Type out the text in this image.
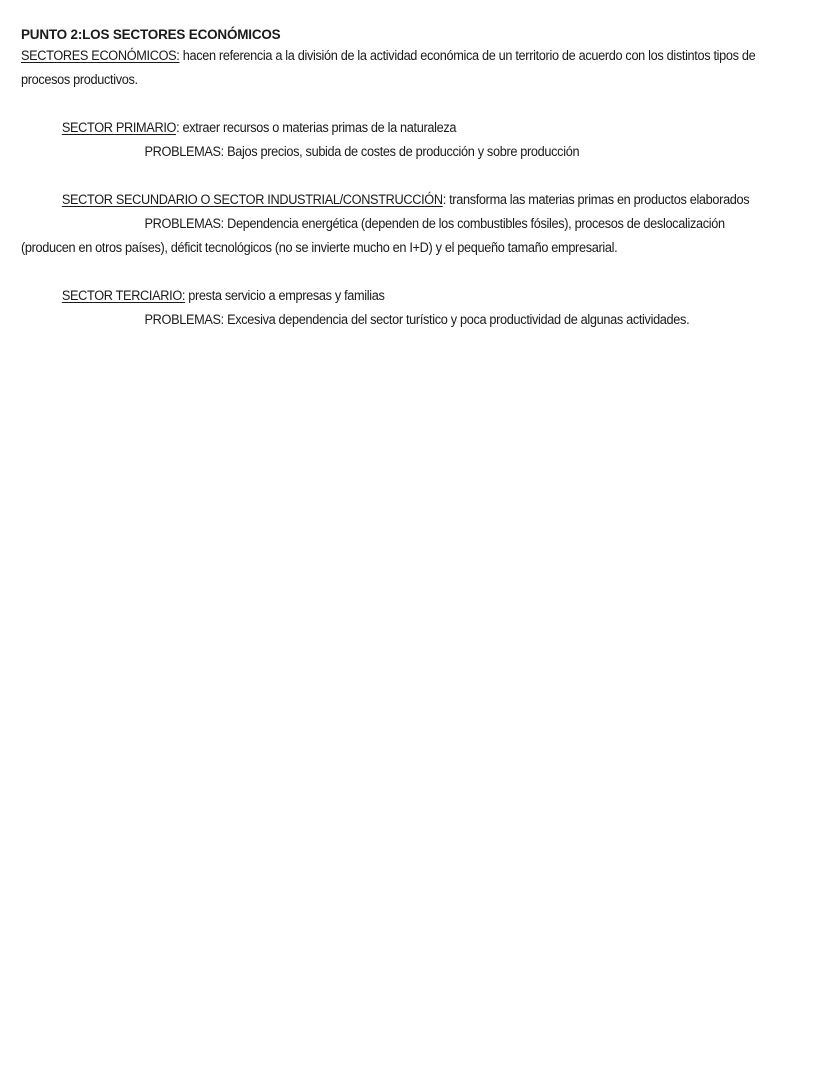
PUNTO 2:LOS SECTORES ECONÓMICOS

SECTORES ECONÓMICOS: hacen referencia a la división de la actividad económica de un territorio de acuerdo con los distintos tipos de procesos productivos.

SECTOR PRIMARIO: extraer recursos o materias primas de la naturaleza

PROBLEMAS: Bajos precios, subida de costes de producción y sobre producción

SECTOR SECUNDARIO O SECTOR INDUSTRIAL/CONSTRUCCIÓN: transforma las materias primas en productos elaborados

PROBLEMAS: Dependencia energética (dependen de los combustibles fósiles), procesos de deslocalización (producen en otros países), déficit tecnológicos (no se invierte mucho en I+D) y el pequeño tamaño empresarial.

SECTOR TERCIARIO: presta servicio a empresas y familias

PROBLEMAS: Excesiva dependencia del sector turístico y poca productividad de algunas actividades.
